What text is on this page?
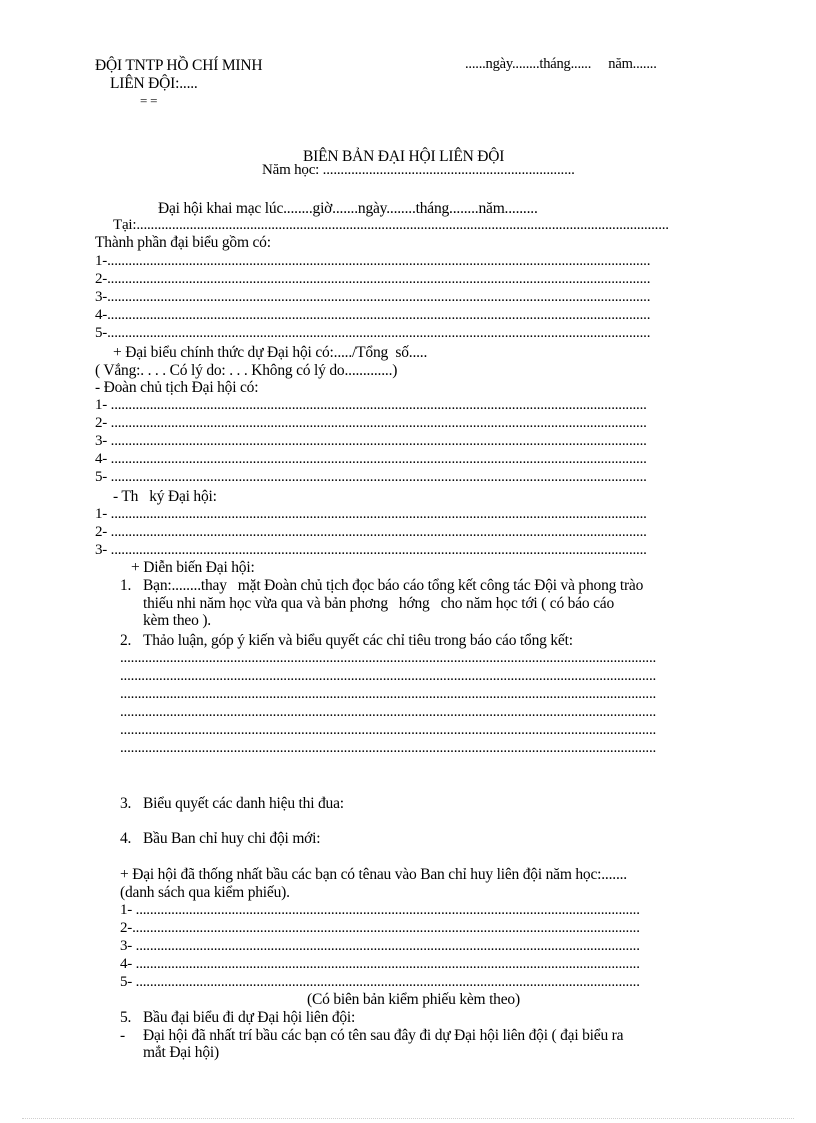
ĐỘI TNTP HỒ CHÍ MINH
LIÊN ĐỘI:.....
= =
......ngày........tháng......     năm.......
BIÊN BẢN ĐẠI HỘI LIÊN ĐỘI
Năm học: .......................................................................
Đại hội khai mạc lúc........giờ.......ngày........tháng........năm.........
Tại:......................................................................................................................................................
Thành phần đại biểu gồm có:
1-.........................................................................................................................................................
2-.........................................................................................................................................................
3-.........................................................................................................................................................
4-.........................................................................................................................................................
5-.........................................................................................................................................................
+ Đại biểu chính thức dự Đại hội có:...../Tổng  số.....
( Vắng:. . . . Có lý do: . . . Không có lý do.............)
- Đoàn chủ tịch Đại hội có:
1- .......................................................................................................................................................
2- .......................................................................................................................................................
3- .......................................................................................................................................................
4- .......................................................................................................................................................
5- .......................................................................................................................................................
- Th   ký Đại hội:
1- .......................................................................................................................................................
2- .......................................................................................................................................................
3- .......................................................................................................................................................
+ Diễn biến Đại hội:
1. Bạn:........thay   mặt Đoàn chủ tịch đọc báo cáo tổng kết công tác Đội và phong trào
thiếu nhi năm học vừa qua và bản phơng   hớng   cho năm học tới ( có báo cáo
kèm theo ).
2. Thảo luận, góp ý kiến và biểu quyết các chỉ tiêu trong báo cáo tổng kết:
.......................................................................................................................................................
.......................................................................................................................................................
.......................................................................................................................................................
.......................................................................................................................................................
.......................................................................................................................................................
.......................................................................................................................................................
3. Biểu quyết các danh hiệu thi đua:
4. Bầu Ban chỉ huy chi đội mới:
+ Đại hội đã thống nhất bầu các bạn có tênau vào Ban chỉ huy liên đội năm học:.......
(danh sách qua kiểm phiếu).
1- ..............................................................................................................................................
2-...............................................................................................................................................
3- ..............................................................................................................................................
4- ..............................................................................................................................................
5- ..............................................................................................................................................
(Có biên bản kiểm phiếu kèm theo)
5. Bầu đại biểu đi dự Đại hội liên đội:
- Đại hội đã nhất trí bầu các bạn có tên sau đây đi dự Đại hội liên đội ( đại biểu ra
mắt Đại hội)
